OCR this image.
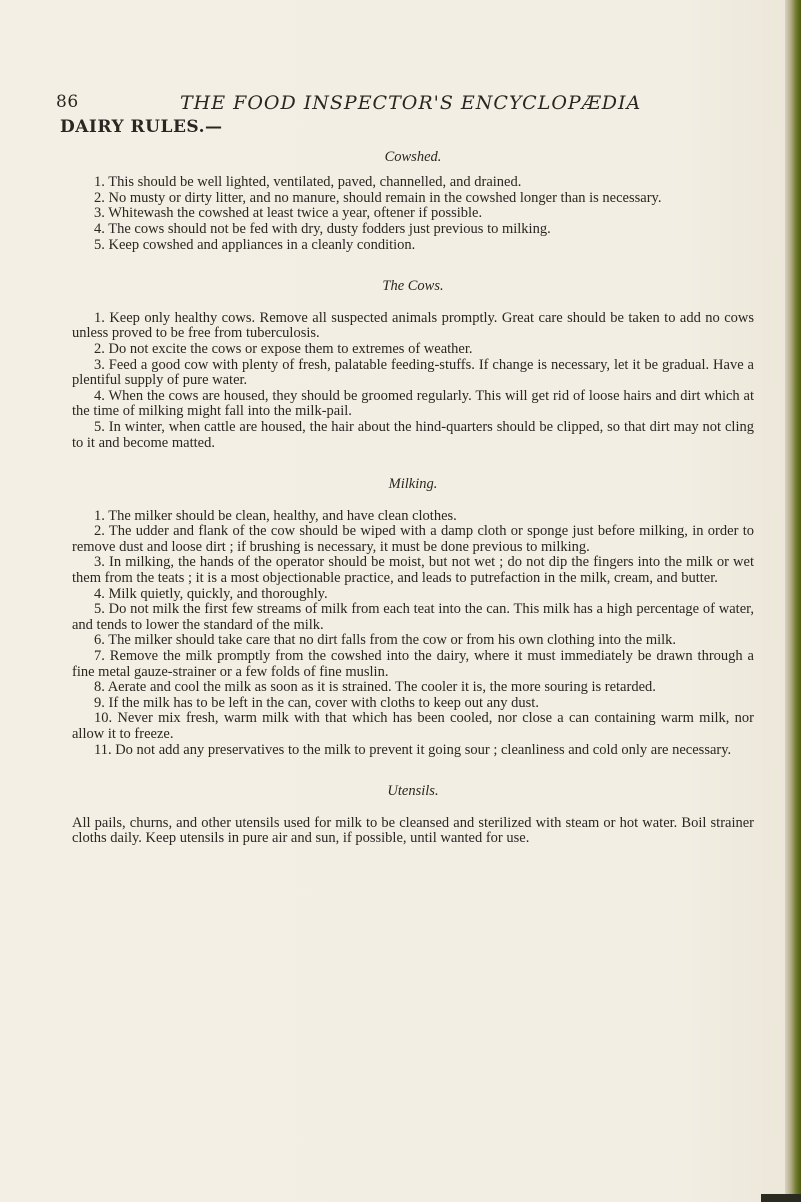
86	THE FOOD INSPECTOR'S ENCYCLOPÆDIA
DAIRY RULES.—
Cowshed.

1. This should be well lighted, ventilated, paved, channelled, and drained.

2. No musty or dirty litter, and no manure, should remain in the cowshed longer than is necessary.

3. Whitewash the cowshed at least twice a year, oftener if possible.

4. The cows should not be fed with dry, dusty fodders just previous to milking.

5. Keep cowshed and appliances in a cleanly condition.

The Cows.

1. Keep only healthy cows. Remove all suspected animals promptly. Great care should be taken to add no cows unless proved to be free from tuberculosis.

2. Do not excite the cows or expose them to extremes of weather.

3. Feed a good cow with plenty of fresh, palatable feeding-stuffs. If change is necessary, let it be gradual. Have a plentiful supply of pure water.

4. When the cows are housed, they should be groomed regularly. This will get rid of loose hairs and dirt which at the time of milking might fall into the milk-pail.

5. In winter, when cattle are housed, the hair about the hind-quarters should be clipped, so that dirt may not cling to it and become matted.

Milking.

1. The milker should be clean, healthy, and have clean clothes.

2. The udder and flank of the cow should be wiped with a damp cloth or sponge just before milking, in order to remove dust and loose dirt ; if brushing is necessary, it must be done previous to milking.

3. In milking, the hands of the operator should be moist, but not wet ; do not dip the fingers into the milk or wet them from the teats ; it is a most objectionable practice, and leads to putrefaction in the milk, cream, and butter.

4. Milk quietly, quickly, and thoroughly.

5. Do not milk the first few streams of milk from each teat into the can. This milk has a high percentage of water, and tends to lower the standard of the milk.

6. The milker should take care that no dirt falls from the cow or from his own clothing into the milk.

7. Remove the milk promptly from the cowshed into the dairy, where it must immediately be drawn through a fine metal gauze-strainer or a few folds of fine muslin.

8. Aerate and cool the milk as soon as it is strained. The cooler it is, the more souring is retarded.

9. If the milk has to be left in the can, cover with cloths to keep out any dust.

10. Never mix fresh, warm milk with that which has been cooled, nor close a can containing warm milk, nor allow it to freeze.

11. Do not add any preservatives to the milk to prevent it going sour ; cleanliness and cold only are necessary.

Utensils.

All pails, churns, and other utensils used for milk to be cleansed and sterilized with steam or hot water. Boil strainer cloths daily. Keep utensils in pure air and sun, if possible, until wanted for use.
